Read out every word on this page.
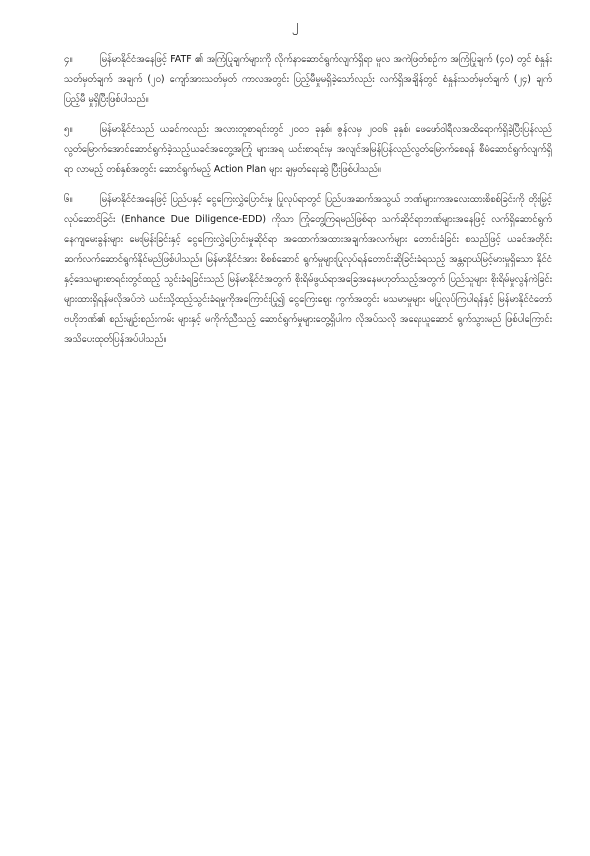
၂

၄။	မြန်မာနိုင်ငံအနေဖြင့် FATF ၏ အကြံပြုချက်များကို လိုက်နာဆောင်ရွက်လျက်ရှိရာ မူလ အကဲဖြတ်စဉ်က အကြံပြုချက် (၄၀) တွင် စံနှုန်းသတ်မှတ်ချက် အချက် (၂၀) ကျော်အားသတ်မှတ် ကာလအတွင်း ပြည့်မီမှုမရှိခဲ့သော်လည်း လက်ရှိအချိန်တွင် စံနှုန်းသတ်မှတ်ချက် (၂၄) ချက်ပြည့်မီ မှုရှိပြီးဖြစ်ပါသည်။

၅။	မြန်မာနိုင်ငံသည် ယခင်ကလည်း အလားတူစာရင်းတွင် ၂၀၀၁ ခုနှစ်၊ ဇွန်လမှ ၂၀၀၆ ခုနှစ်၊ ဖေဖော်ဝါရီလအထိရောက်ရှိခဲ့ပြီးပြန်လည်လွတ်မြောက်အောင်ဆောင်ရွက်ခဲ့သည့်ယခင်အတွေ့အကြုံ များအရ ယင်းစာရင်းမှ အလျင်အမြန်ပြန်လည်လွတ်မြောက်စေရန် စီမံဆောင်ရွက်လျက်ရှိရာ လာမည့် တစ်နှစ်အတွင်း ဆောင်ရွက်မည့် Action Plan များ ချမှတ်ရေးဆွဲ ပြီးဖြစ်ပါသည်။

၆။	မြန်မာနိုင်ငံအနေဖြင့် ပြည်ပနှင့် ငွေကြေးလွှဲပြောင်းမှု ပြုလုပ်ရာတွင် ပြည်ပအဆက်အသွယ် ဘဏ်များကအလေးထားစိစစ်ခြင်းကို တိုးမြှင့်လုပ်ဆောင်ခြင်း (Enhance Due Diligence-EDD) ကိုသာ ကြုံတွေ့ကြရမည်ဖြစ်ရာ သက်ဆိုင်ရာဘဏ်များအနေဖြင့် လက်ရှိဆောင်ရွက်နေကျမေးခွန်းများ မေးမြန်းခြင်းနှင့် ငွေကြေးလွှဲပြောင်းမှုဆိုင်ရာ အထောက်အထားအချက်အလက်များ တောင်းခံခြင်း စသည်ဖြင့် ယခင်အတိုင်း ဆက်လက်ဆောင်ရွက်နိုင်မည်ဖြစ်ပါသည်။ မြန်မာနိုင်ငံအား စိစစ်ဆောင် ရွက်မှုများပြုလုပ်ရန်တောင်းဆိုခြင်းခံရသည့် အန္တရာယ်မြင့်မားမှုရှိသော နိုင်ငံနှင့်ဒေသများစာရင်းတွင်ထည့် သွင်းခံရခြင်းသည် မြန်မာနိုင်ငံအတွက် စိုးရိမ်ဖွယ်ရာအခြေအနေမဟုတ်သည့်အတွက် ပြည်သူများ စိုးရိမ်မှုလွန်ကဲခြင်းများထားရှိရန်မလိုအပ်ဘဲ ယင်းသို့ထည့်သွင်းခံရမှုကိုအကြောင်းပြု၍ ငွေကြေးဈေး ကွက်အတွင်း မသမာမှုများ မပြုလုပ်ကြပါရန်နှင့် မြန်မာနိုင်ငံတော်ဗဟိုဘဏ်၏ စည်းမျဉ်းစည်းကမ်း များနှင့် မကိုက်ညီသည့် ဆောင်ရွက်မှုများတွေ့ရှိပါက လိုအပ်သလို အရေးယူဆောင် ရွက်သွားမည် ဖြစ်ပါကြောင်း အသိပေးထုတ်ပြန်အပ်ပါသည်။
